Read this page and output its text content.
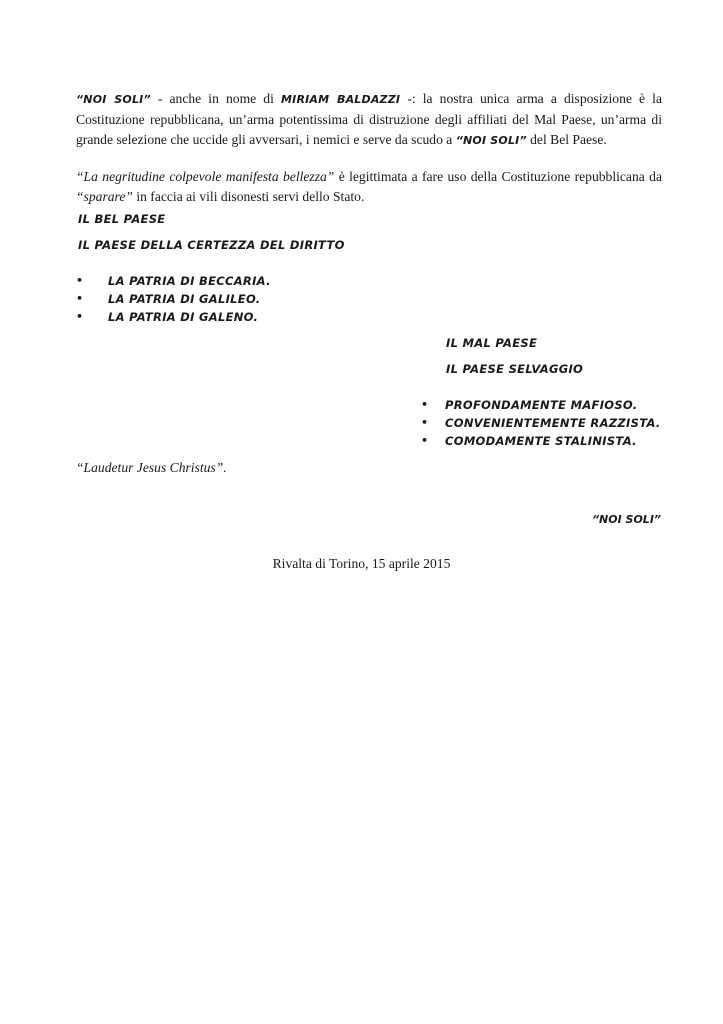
“NOI SOLI” - anche in nome di MIRIAM BALDAZZI -: la nostra unica arma a disposizione è la Costituzione repubblicana, un’arma potentissima di distruzione degli affiliati del Mal Paese, un’arma di grande selezione che uccide gli avversari, i nemici e serve da scudo a “NOI SOLI” del Bel Paese.

“La negritudine colpevole manifesta bellezza” è legittimata a fare uso della Costituzione repubblicana da “sparare” in faccia ai vili disonesti servi dello Stato.

IL BEL PAESE
IL PAESE DELLA CERTEZZA DEL DIRITTO
• LA PATRIA DI BECCARIA.
• LA PATRIA DI GALILEO.
• LA PATRIA DI GALENO.
IL MAL PAESE
IL PAESE SELVAGGIO
• PROFONDAMENTE MAFIOSO.
• CONVENIENTEMENTE RAZZISTA.
• COMODAMENTE STALINISTA.
“Laudetur Jesus Christus”.
“NOI SOLI”
Rivalta di Torino, 15 aprile 2015
